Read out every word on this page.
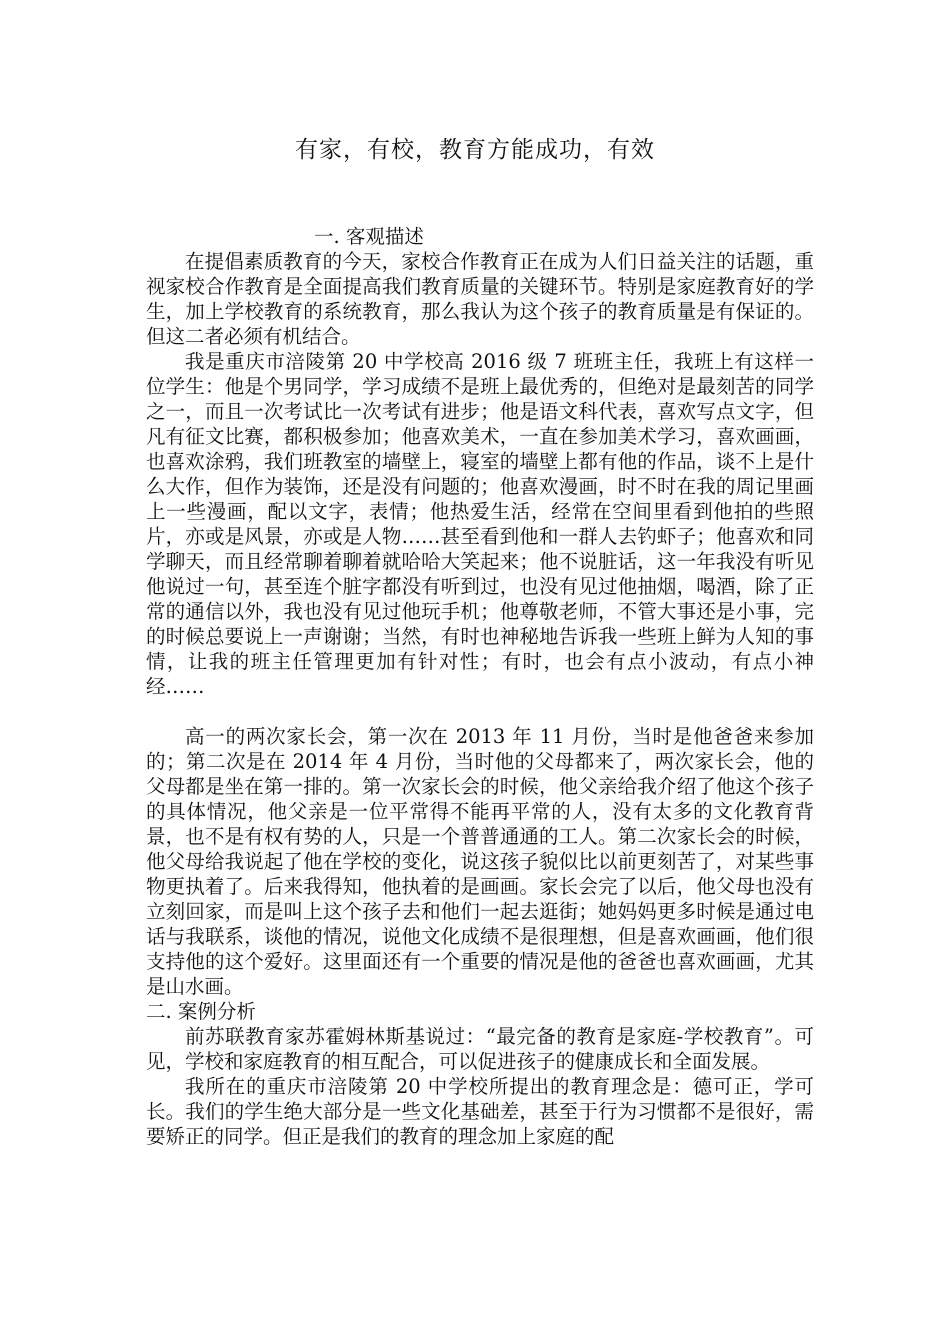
有家，有校，教育方能成功，有效

一. 客观描述

在提倡素质教育的今天，家校合作教育正在成为人们日益关注的话题，重视家校合作教育是全面提高我们教育质量的关键环节。特别是家庭教育好的学生，加上学校教育的系统教育，那么我认为这个孩子的教育质量是有保证的。但这二者必须有机结合。

我是重庆市涪陵第 20 中学校高 2016 级 7 班班主任，我班上有这样一位学生：他是个男同学，学习成绩不是班上最优秀的，但绝对是最刻苦的同学之一，而且一次考试比一次考试有进步；他是语文科代表，喜欢写点文字，但凡有征文比赛，都积极参加；他喜欢美术，一直在参加美术学习，喜欢画画，也喜欢涂鸦，我们班教室的墙壁上，寝室的墙壁上都有他的作品，谈不上是什么大作，但作为装饰，还是没有问题的；他喜欢漫画，时不时在我的周记里画上一些漫画，配以文字，表情；他热爱生活，经常在空间里看到他拍的些照片，亦或是风景，亦或是人物……甚至看到他和一群人去钓虾子；他喜欢和同学聊天，而且经常聊着聊着就哈哈大笑起来；他不说脏话，这一年我没有听见他说过一句，甚至连个脏字都没有听到过，也没有见过他抽烟，喝酒，除了正常的通信以外，我也没有见过他玩手机；他尊敬老师，不管大事还是小事，完的时候总要说上一声谢谢；当然，有时也神秘地告诉我一些班上鲜为人知的事情，让我的班主任管理更加有针对性；有时，也会有点小波动，有点小神经……

高一的两次家长会，第一次在 2013 年 11 月份，当时是他爸爸来参加的；第二次是在 2014 年 4 月份，当时他的父母都来了，两次家长会，他的父母都是坐在第一排的。第一次家长会的时候，他父亲给我介绍了他这个孩子的具体情况，他父亲是一位平常得不能再平常的人，没有太多的文化教育背景，也不是有权有势的人，只是一个普普通通的工人。第二次家长会的时候，他父母给我说起了他在学校的变化，说这孩子貌似比以前更刻苦了，对某些事物更执着了。后来我得知，他执着的是画画。家长会完了以后，他父母也没有立刻回家，而是叫上这个孩子去和他们一起去逛街；她妈妈更多时候是通过电话与我联系，谈他的情况，说他文化成绩不是很理想，但是喜欢画画，他们很支持他的这个爱好。这里面还有一个重要的情况是他的爸爸也喜欢画画，尤其是山水画。

二. 案例分析

前苏联教育家苏霍姆林斯基说过：“最完备的教育是家庭-学校教育”。可见，学校和家庭教育的相互配合，可以促进孩子的健康成长和全面发展。

我所在的重庆市涪陵第 20 中学校所提出的教育理念是：德可正，学可长。我们的学生绝大部分是一些文化基础差，甚至于行为习惯都不是很好，需要矫正的同学。但正是我们的教育的理念加上家庭的配
